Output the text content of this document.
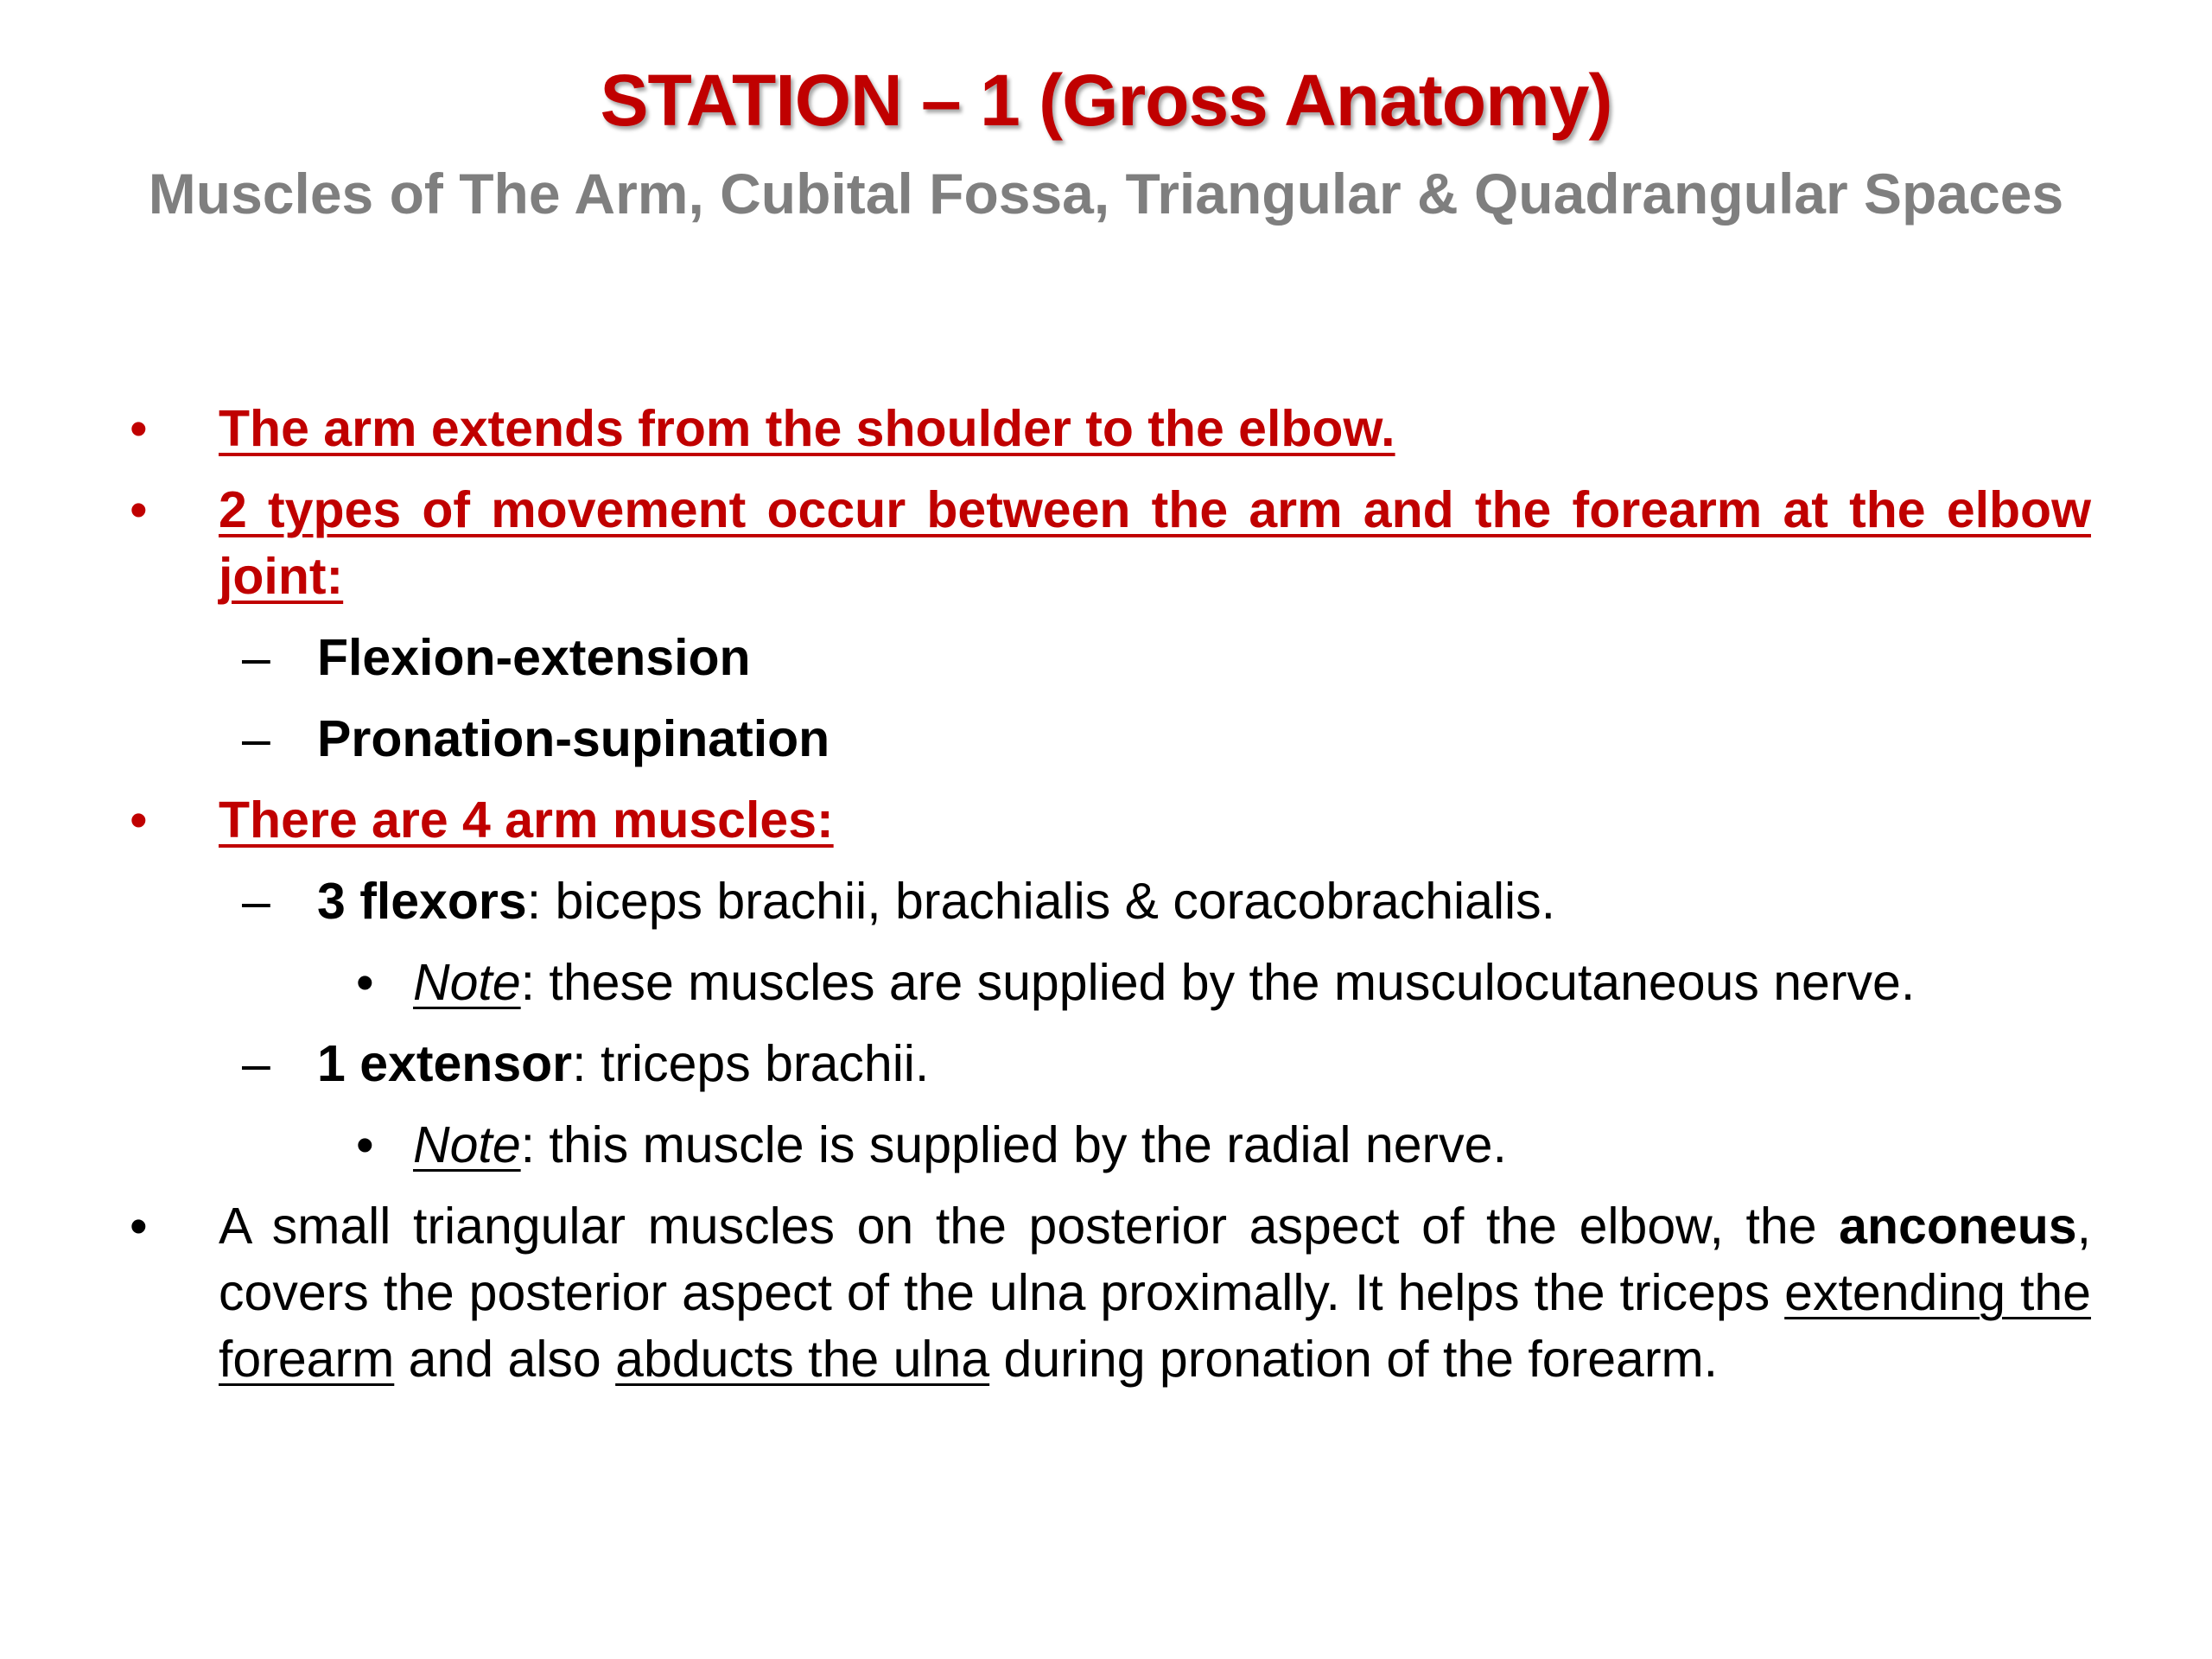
STATION – 1 (Gross Anatomy)
Muscles of The Arm, Cubital Fossa, Triangular & Quadrangular Spaces
• The arm extends from the shoulder to the elbow.
• 2 types of movement occur between the arm and the forearm at the elbow joint:
– Flexion-extension
– Pronation-supination
• There are 4 arm muscles:
– 3 flexors: biceps brachii, brachialis & coracobrachialis.
• Note: these muscles are supplied by the musculocutaneous nerve.
– 1 extensor: triceps brachii.
• Note: this muscle is supplied by the radial nerve.
• A small triangular muscles on the posterior aspect of the elbow, the anconeus, covers the posterior aspect of the ulna proximally. It helps the triceps extending the forearm and also abducts the ulna during pronation of the forearm.
